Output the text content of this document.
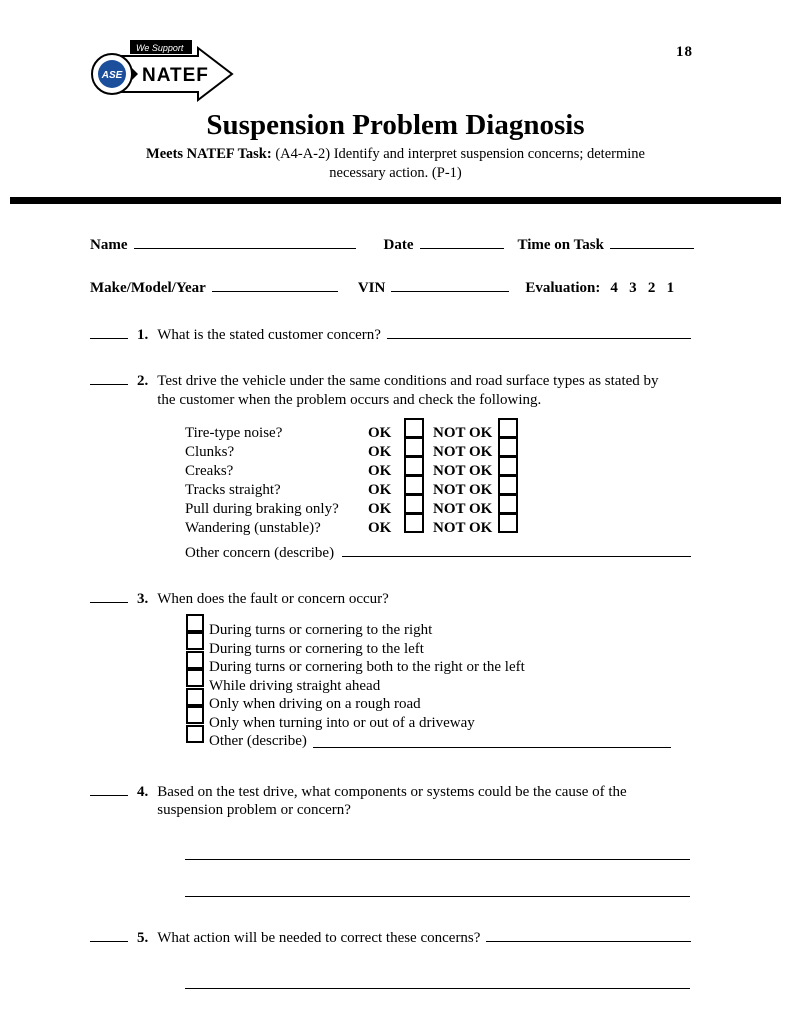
18
We Support
NATEF
ASE
Suspension Problem Diagnosis
Meets NATEF Task: (A4-A-2) Identify and interpret suspension concerns; determine
necessary action. (P-1)
Name	Date	Time on Task
Make/Model/Year	VIN	Evaluation: 4   3   2   1
1. What is the stated customer concern?
2. Test drive the vehicle under the same conditions and road surface types as stated by
the customer when the problem occurs and check the following.
Tire-type noise?	OK	NOT OK
Clunks?	OK	NOT OK
Creaks?	OK	NOT OK
Tracks straight?	OK	NOT OK
Pull during braking only?	OK	NOT OK
Wandering (unstable)?	OK	NOT OK
Other concern (describe)
3. When does the fault or concern occur?
During turns or cornering to the right
During turns or cornering to the left
During turns or cornering both to the right or the left
While driving straight ahead
Only when driving on a rough road
Only when turning into or out of a driveway
Other (describe)
4. Based on the test drive, what components or systems could be the cause of the
suspension problem or concern?
5. What action will be needed to correct these concerns?
